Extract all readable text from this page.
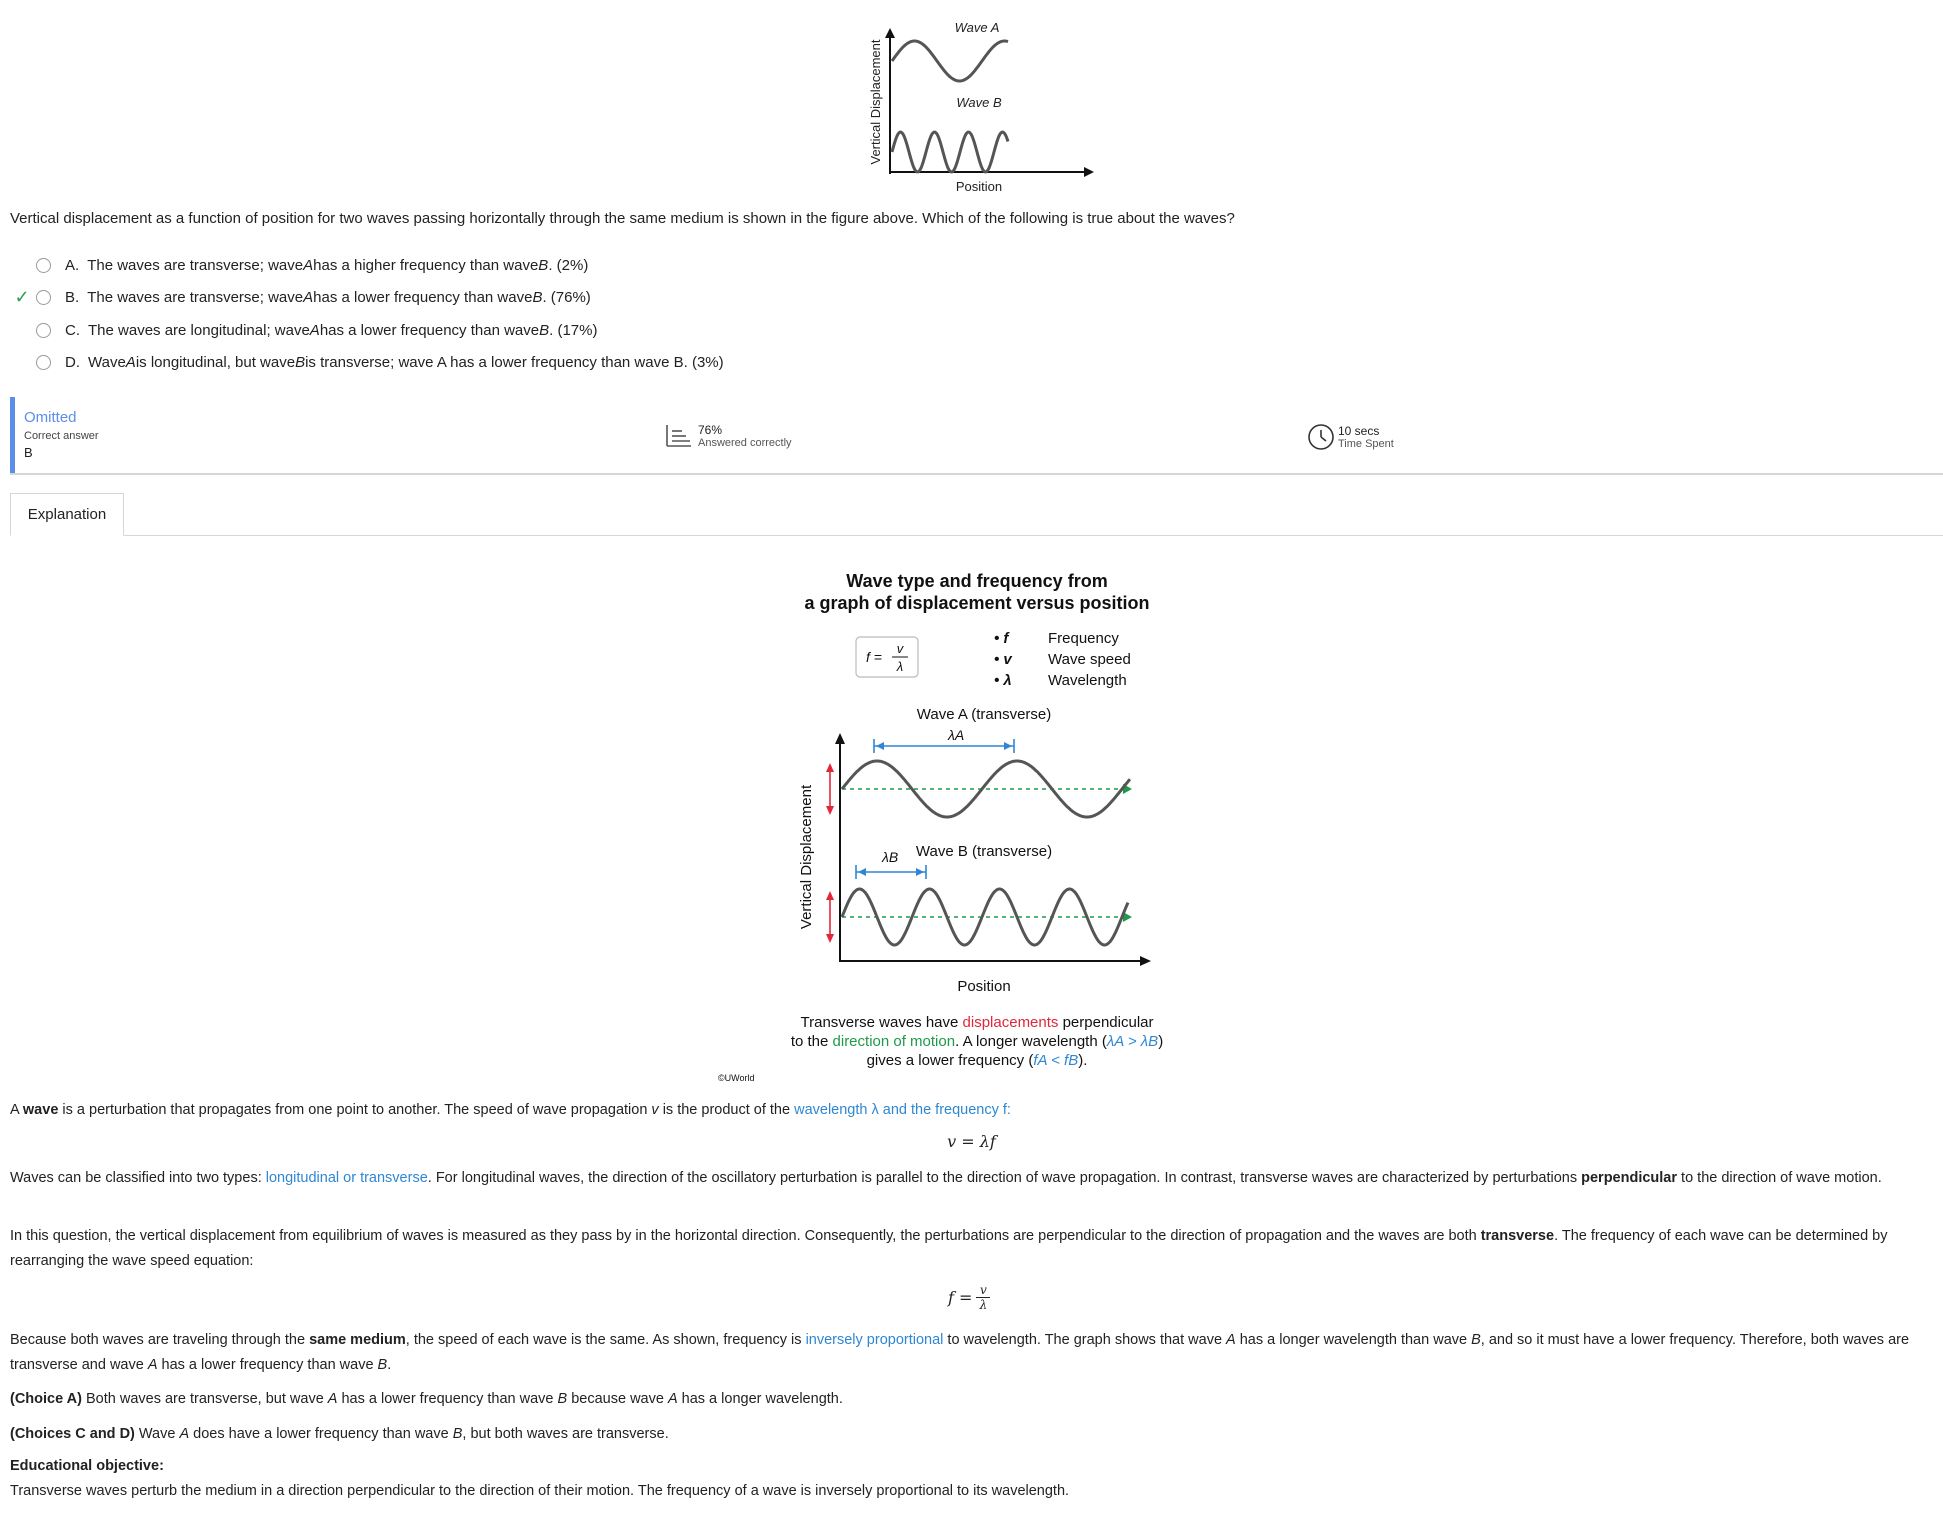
Wave A
Wave B
Vertical Displacement
Position
Vertical displacement as a function of position for two waves passing horizontally through the same medium is shown in the figure above. Which of the following is true about the waves?
A. The waves are transverse; wave A has a higher frequency than wave B . (2%)
✓ B. The waves are transverse; wave A has a lower frequency than wave B . (76%)
C. The waves are longitudinal; wave A has a lower frequency than wave B . (17%)
D. Wave A is longitudinal, but wave B is transverse; wave A has a lower frequency than wave B. (3%)
Omitted
Correct answer
B
76%
Answered correctly
10 secs
Time Spent
Explanation
Wave type and frequency from
a graph of displacement versus position
f =
v
λ
• f	Frequency
• v Wave speed
• λ Wavelength
Wave A (transverse)
λA
Wave B (transverse)
λB
Vertical Displacement
Position
Transverse waves have displacements perpendicular
to the direction of motion. A longer wavelength (λA > λB)
gives a lower frequency (fA < fB).
©UWorld
A wave is a perturbation that propagates from one point to another. The speed of wave propagation v is the product of the wavelength λ and the frequency f:
v = λf
Waves can be classified into two types: longitudinal or transverse. For longitudinal waves, the direction of the oscillatory perturbation is parallel to the direction of wave propagation. In contrast, transverse waves are characterized by perturbations perpendicular to the direction of wave motion.
In this question, the vertical displacement from equilibrium of waves is measured as they pass by in the horizontal direction. Consequently, the perturbations are perpendicular to the direction of propagation and the waves are both transverse. The frequency of each wave can be determined by rearranging the wave speed equation:
$f = \frac{v}{\lambda}$
Because both waves are traveling through the same medium, the speed of each wave is the same. As shown, frequency is inversely proportional to wavelength. The graph shows that wave A has a longer wavelength than wave B, and so it must have a lower frequency. Therefore, both waves are transverse and wave A has a lower frequency than wave B.
(Choice A) Both waves are transverse, but wave A has a lower frequency than wave B because wave A has a longer wavelength.
(Choices C and D) Wave A does have a lower frequency than wave B, but both waves are transverse.
Educational objective:
Transverse waves perturb the medium in a direction perpendicular to the direction of their motion. The frequency of a wave is inversely proportional to its wavelength.
